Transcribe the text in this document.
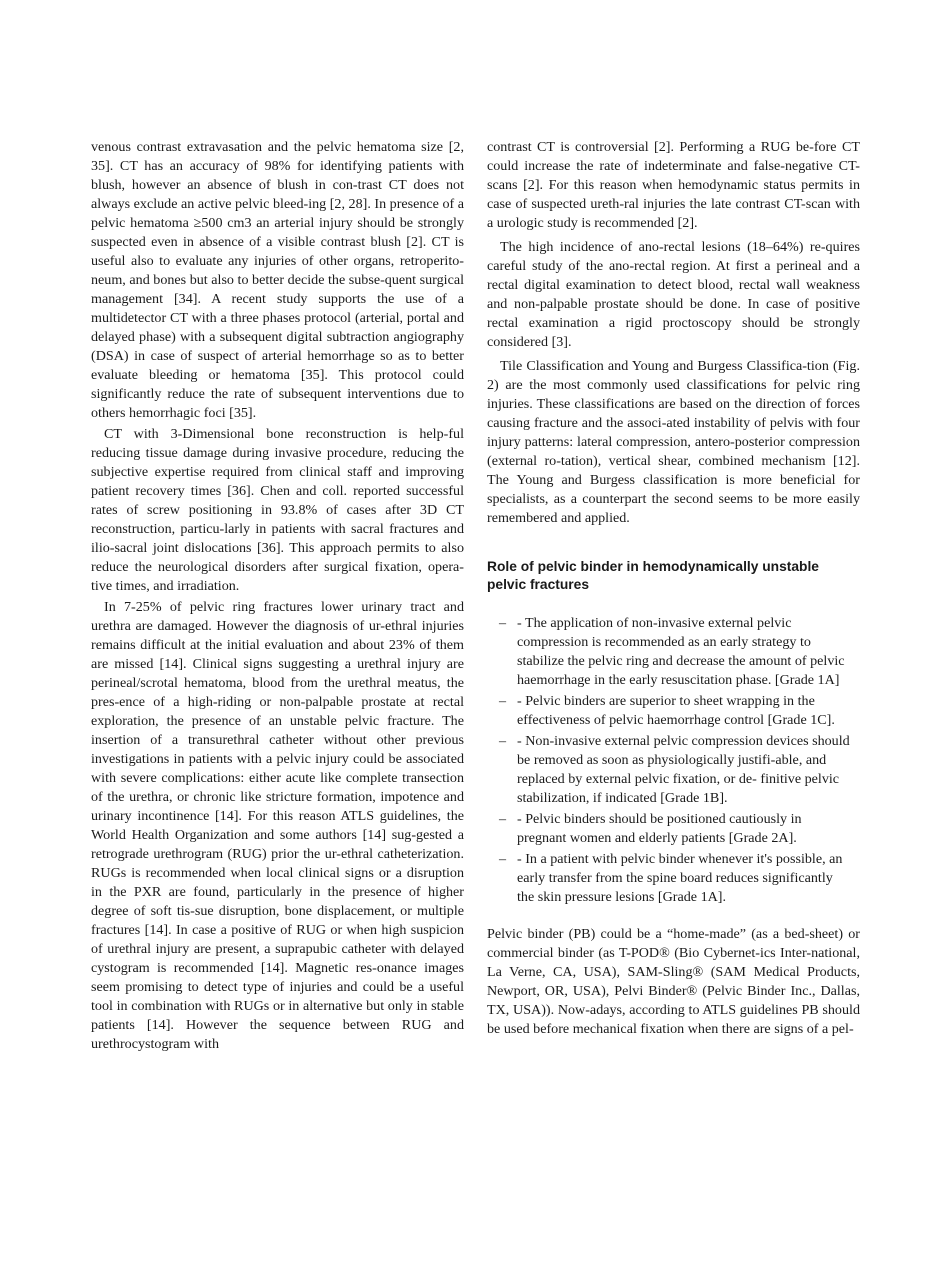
venous contrast extravasation and the pelvic hematoma size [2, 35]. CT has an accuracy of 98% for identifying patients with blush, however an absence of blush in con-trast CT does not always exclude an active pelvic bleed-ing [2, 28]. In presence of a pelvic hematoma ≥500 cm3 an arterial injury should be strongly suspected even in absence of a visible contrast blush [2]. CT is useful also to evaluate any injuries of other organs, retroperito-neum, and bones but also to better decide the subse-quent surgical management [34]. A recent study supports the use of a multidetector CT with a three phases protocol (arterial, portal and delayed phase) with a subsequent digital subtraction angiography (DSA) in case of suspect of arterial hemorrhage so as to better evaluate bleeding or hematoma [35]. This protocol could significantly reduce the rate of subsequent interventions due to others hemorrhagic foci [35].

CT with 3-Dimensional bone reconstruction is help-ful reducing tissue damage during invasive procedure, reducing the subjective expertise required from clinical staff and improving patient recovery times [36]. Chen and coll. reported successful rates of screw positioning in 93.8% of cases after 3D CT reconstruction, particu-larly in patients with sacral fractures and ilio-sacral joint dislocations [36]. This approach permits to also reduce the neurological disorders after surgical fixation, opera-tive times, and irradiation.

In 7-25% of pelvic ring fractures lower urinary tract and urethra are damaged. However the diagnosis of ur-ethral injuries remains difficult at the initial evaluation and about 23% of them are missed [14]. Clinical signs suggesting a urethral injury are perineal/scrotal hematoma, blood from the urethral meatus, the pres-ence of a high-riding or non-palpable prostate at rectal exploration, the presence of an unstable pelvic fracture. The insertion of a transurethral catheter without other previous investigations in patients with a pelvic injury could be associated with severe complications: either acute like complete transection of the urethra, or chronic like stricture formation, impotence and urinary incontinence [14]. For this reason ATLS guidelines, the World Health Organization and some authors [14] sug-gested a retrograde urethrogram (RUG) prior the ur-ethral catheterization. RUGs is recommended when local clinical signs or a disruption in the PXR are found, particularly in the presence of higher degree of soft tis-sue disruption, bone displacement, or multiple fractures [14]. In case a positive of RUG or when high suspicion of urethral injury are present, a suprapubic catheter with delayed cystogram is recommended [14]. Magnetic res-onance images seem promising to detect type of injuries and could be a useful tool in combination with RUGs or in alternative but only in stable patients [14]. However the sequence between RUG and urethrocystogram with

contrast CT is controversial [2]. Performing a RUG be-fore CT could increase the rate of indeterminate and false-negative CT-scans [2]. For this reason when hemodynamic status permits in case of suspected ureth-ral injuries the late contrast CT-scan with a urologic study is recommended [2].

The high incidence of ano-rectal lesions (18–64%) re-quires careful study of the ano-rectal region. At first a perineal and a rectal digital examination to detect blood, rectal wall weakness and non-palpable prostate should be done. In case of positive rectal examination a rigid proctoscopy should be strongly considered [3].

Tile Classification and Young and Burgess Classifica-tion (Fig. 2) are the most commonly used classifications for pelvic ring injuries. These classifications are based on the direction of forces causing fracture and the associ-ated instability of pelvis with four injury patterns: lateral compression, antero-posterior compression (external ro-tation), vertical shear, combined mechanism [12]. The Young and Burgess classification is more beneficial for specialists, as a counterpart the second seems to be more easily remembered and applied.

Role of pelvic binder in hemodynamically unstable pelvic fractures
– - The application of non-invasive external pelvic compression is recommended as an early strategy to stabilize the pelvic ring and decrease the amount of pelvic haemorrhage in the early resuscitation phase. [Grade 1A]
– - Pelvic binders are superior to sheet wrapping in the effectiveness of pelvic haemorrhage control [Grade 1C].
– - Non-invasive external pelvic compression devices should be removed as soon as physiologically justifi-able, and replaced by external pelvic fixation, or de- finitive pelvic stabilization, if indicated [Grade 1B].
– - Pelvic binders should be positioned cautiously in pregnant women and elderly patients [Grade 2A].
– - In a patient with pelvic binder whenever it's possible, an early transfer from the spine board reduces significantly the skin pressure lesions [Grade 1A].

Pelvic binder (PB) could be a “home-made” (as a bed-sheet) or commercial binder (as T-POD® (Bio Cybernet-ics Inter-national, La Verne, CA, USA), SAM-Sling® (SAM Medical Products, Newport, OR, USA), Pelvi Binder® (Pelvic Binder Inc., Dallas, TX, USA)). Now-adays, according to ATLS guidelines PB should be used before mechanical fixation when there are signs of a pel-
